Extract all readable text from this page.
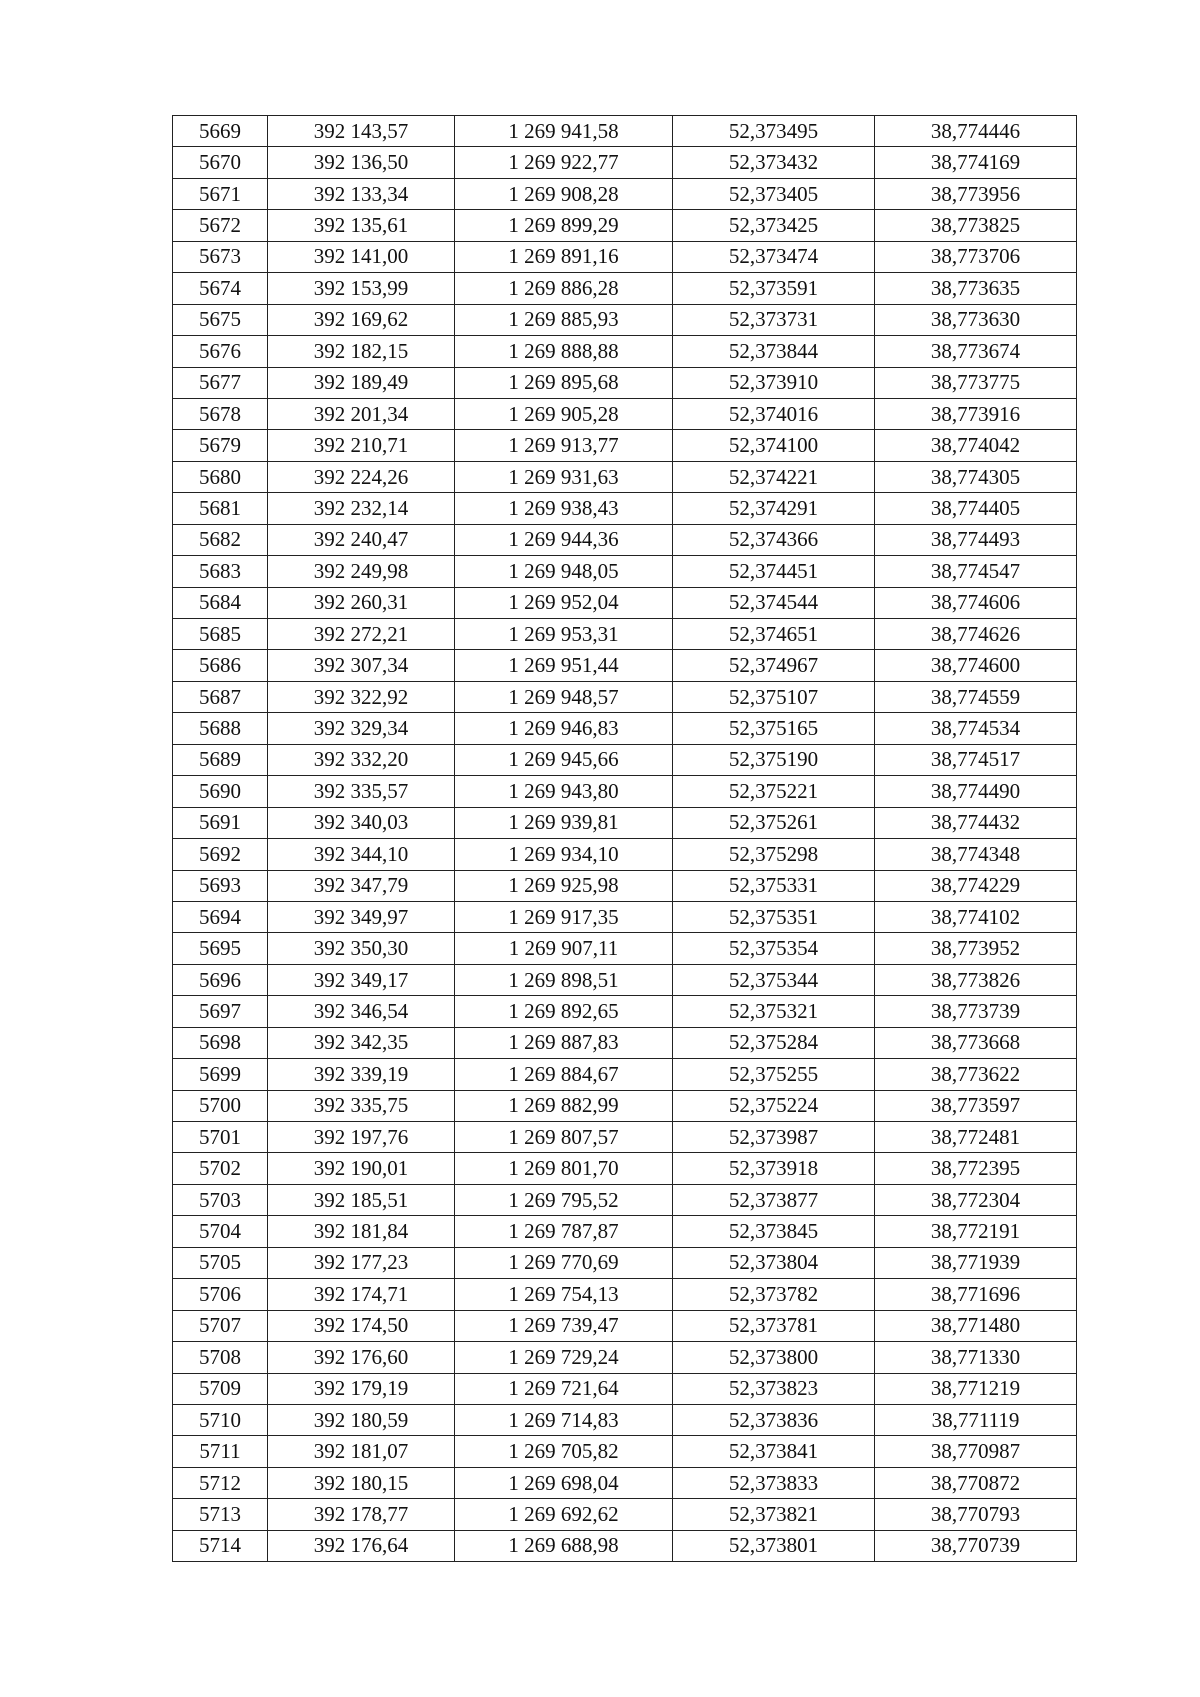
5669	392 143,57	1 269 941,58	52,373495	38,774446
5670	392 136,50	1 269 922,77	52,373432	38,774169
5671	392 133,34	1 269 908,28	52,373405	38,773956
5672	392 135,61	1 269 899,29	52,373425	38,773825
5673	392 141,00	1 269 891,16	52,373474	38,773706
5674	392 153,99	1 269 886,28	52,373591	38,773635
5675	392 169,62	1 269 885,93	52,373731	38,773630
5676	392 182,15	1 269 888,88	52,373844	38,773674
5677	392 189,49	1 269 895,68	52,373910	38,773775
5678	392 201,34	1 269 905,28	52,374016	38,773916
5679	392 210,71	1 269 913,77	52,374100	38,774042
5680	392 224,26	1 269 931,63	52,374221	38,774305
5681	392 232,14	1 269 938,43	52,374291	38,774405
5682	392 240,47	1 269 944,36	52,374366	38,774493
5683	392 249,98	1 269 948,05	52,374451	38,774547
5684	392 260,31	1 269 952,04	52,374544	38,774606
5685	392 272,21	1 269 953,31	52,374651	38,774626
5686	392 307,34	1 269 951,44	52,374967	38,774600
5687	392 322,92	1 269 948,57	52,375107	38,774559
5688	392 329,34	1 269 946,83	52,375165	38,774534
5689	392 332,20	1 269 945,66	52,375190	38,774517
5690	392 335,57	1 269 943,80	52,375221	38,774490
5691	392 340,03	1 269 939,81	52,375261	38,774432
5692	392 344,10	1 269 934,10	52,375298	38,774348
5693	392 347,79	1 269 925,98	52,375331	38,774229
5694	392 349,97	1 269 917,35	52,375351	38,774102
5695	392 350,30	1 269 907,11	52,375354	38,773952
5696	392 349,17	1 269 898,51	52,375344	38,773826
5697	392 346,54	1 269 892,65	52,375321	38,773739
5698	392 342,35	1 269 887,83	52,375284	38,773668
5699	392 339,19	1 269 884,67	52,375255	38,773622
5700	392 335,75	1 269 882,99	52,375224	38,773597
5701	392 197,76	1 269 807,57	52,373987	38,772481
5702	392 190,01	1 269 801,70	52,373918	38,772395
5703	392 185,51	1 269 795,52	52,373877	38,772304
5704	392 181,84	1 269 787,87	52,373845	38,772191
5705	392 177,23	1 269 770,69	52,373804	38,771939
5706	392 174,71	1 269 754,13	52,373782	38,771696
5707	392 174,50	1 269 739,47	52,373781	38,771480
5708	392 176,60	1 269 729,24	52,373800	38,771330
5709	392 179,19	1 269 721,64	52,373823	38,771219
5710	392 180,59	1 269 714,83	52,373836	38,771119
5711	392 181,07	1 269 705,82	52,373841	38,770987
5712	392 180,15	1 269 698,04	52,373833	38,770872
5713	392 178,77	1 269 692,62	52,373821	38,770793
5714	392 176,64	1 269 688,98	52,373801	38,770739
